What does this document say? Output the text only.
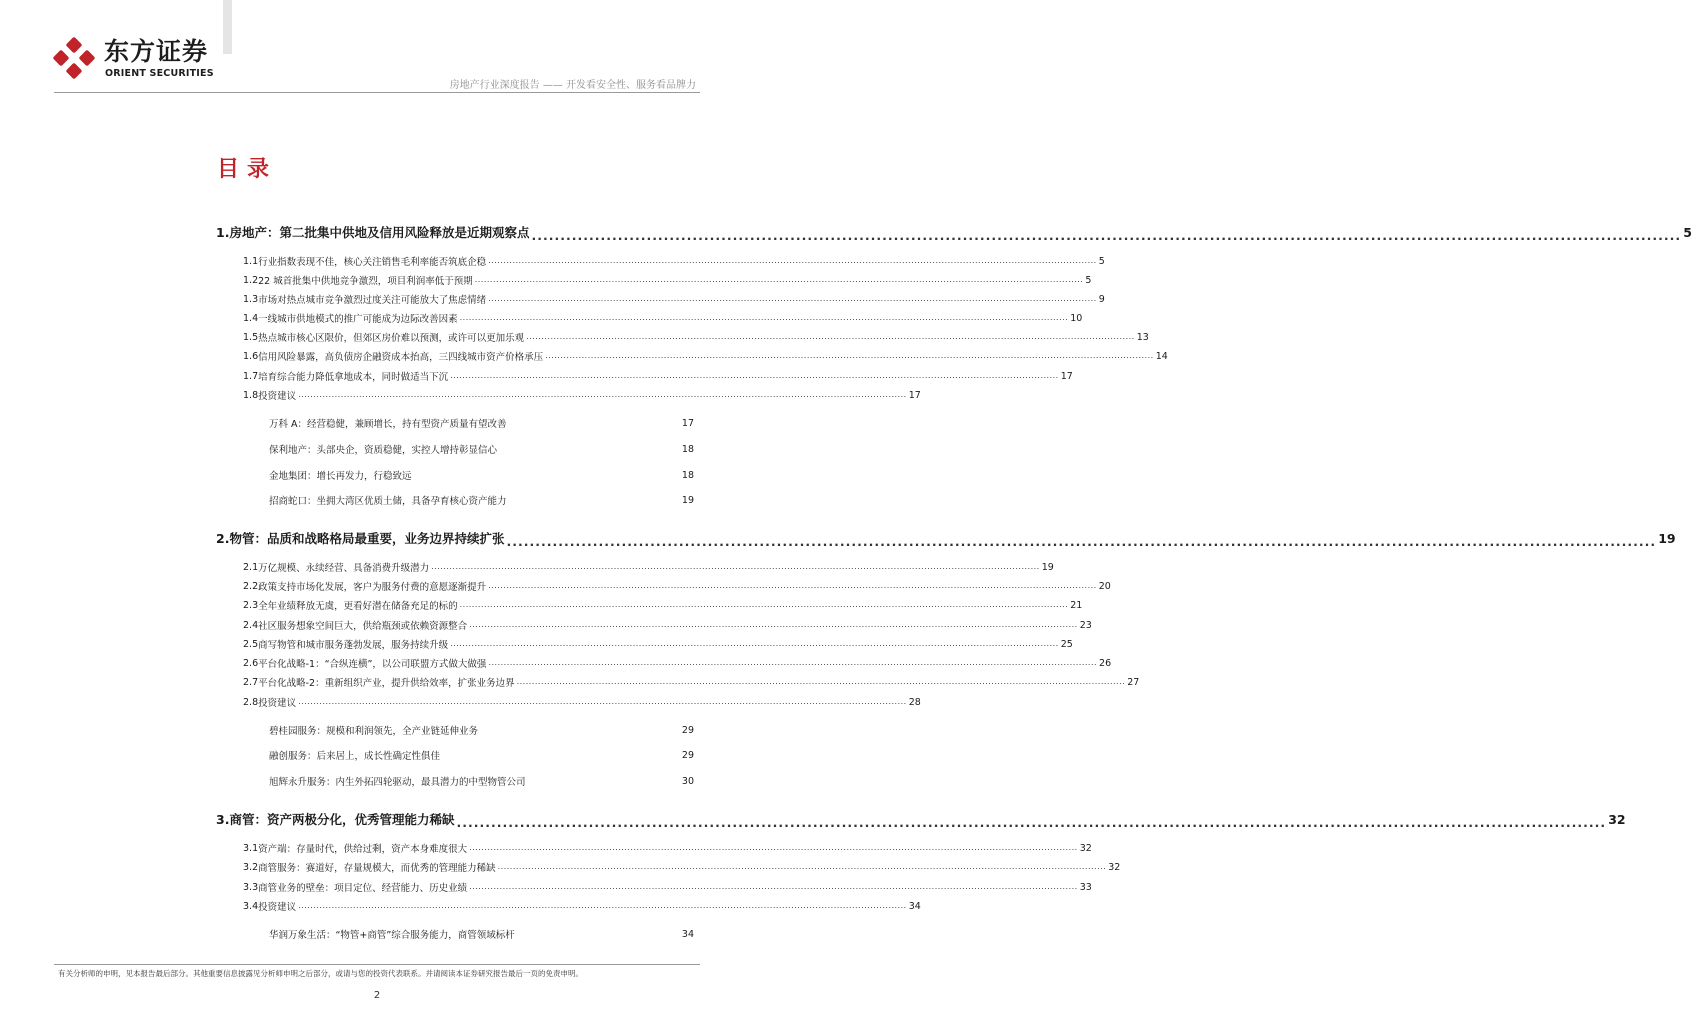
东方证券
ORIENT SECURITIES
房地产行业深度报告 —— 开发看安全性、服务看品牌力
目录
1. 房地产：第二批集中供地及信用风险释放是近期观察点 .....	5
1.1 行业指数表现不佳，核心关注销售毛利率能否筑底企稳 .....	5
1.2 22 城首批集中供地竞争激烈，项目利润率低于预期 .....	5
1.3 市场对热点城市竞争激烈过度关注可能放大了焦虑情绪 .....	9
1.4 一线城市供地模式的推广可能成为边际改善因素 .....	10
1.5 热点城市核心区限价，但郊区房价难以预测，或许可以更加乐观 .....	13
1.6 信用风险暴露，高负债房企融资成本抬高，三四线城市资产价格承压 .....	14
1.7 培育综合能力降低拿地成本，同时做适当下沉 .....	17
1.8 投资建议 .....	17
万科 A：经营稳健，兼顾增长，持有型资产质量有望改善	17
保利地产：头部央企，资质稳健，实控人增持彰显信心	18
金地集团：增长再发力，行稳致远	18
招商蛇口：坐拥大湾区优质土储，具备孕育核心资产能力	19
2. 物管：品质和战略格局最重要，业务边界持续扩张 .....	19
2.1 万亿规模、永续经营、具备消费升级潜力 .....	19
2.2 政策支持市场化发展，客户为服务付费的意愿逐渐提升 .....	20
2.3 全年业绩释放无虞，更看好潜在储备充足的标的 .....	21
2.4 社区服务想象空间巨大，供给瓶颈或依赖资源整合 .....	23
2.5 商写物管和城市服务蓬勃发展，服务持续升级 .....	25
2.6 平台化战略-1：“合纵连横”，以公司联盟方式做大做强 .....	26
2.7 平台化战略-2：重新组织产业，提升供给效率，扩张业务边界 .....	27
2.8 投资建议 .....	28
碧桂园服务：规模和利润领先，全产业链延伸业务	29
融创服务：后来居上，成长性确定性俱佳	29
旭辉永升服务：内生外拓四轮驱动，最具潜力的中型物管公司	30
3. 商管：资产两极分化，优秀管理能力稀缺 .....	32
3.1 资产端：存量时代，供给过剩，资产本身难度很大 .....	32
3.2 商管服务：赛道好，存量规模大，而优秀的管理能力稀缺 .....	32
3.3 商管业务的壁垒：项目定位、经营能力、历史业绩 .....	33
3.4 投资建议 .....	34
华润万象生活：“物管+商管”综合服务能力，商管领域标杆	34
有关分析师的申明，见本报告最后部分。其他重要信息披露见分析师申明之后部分，或请与您的投资代表联系。并请阅读本证券研究报告最后一页的免责申明。
2
